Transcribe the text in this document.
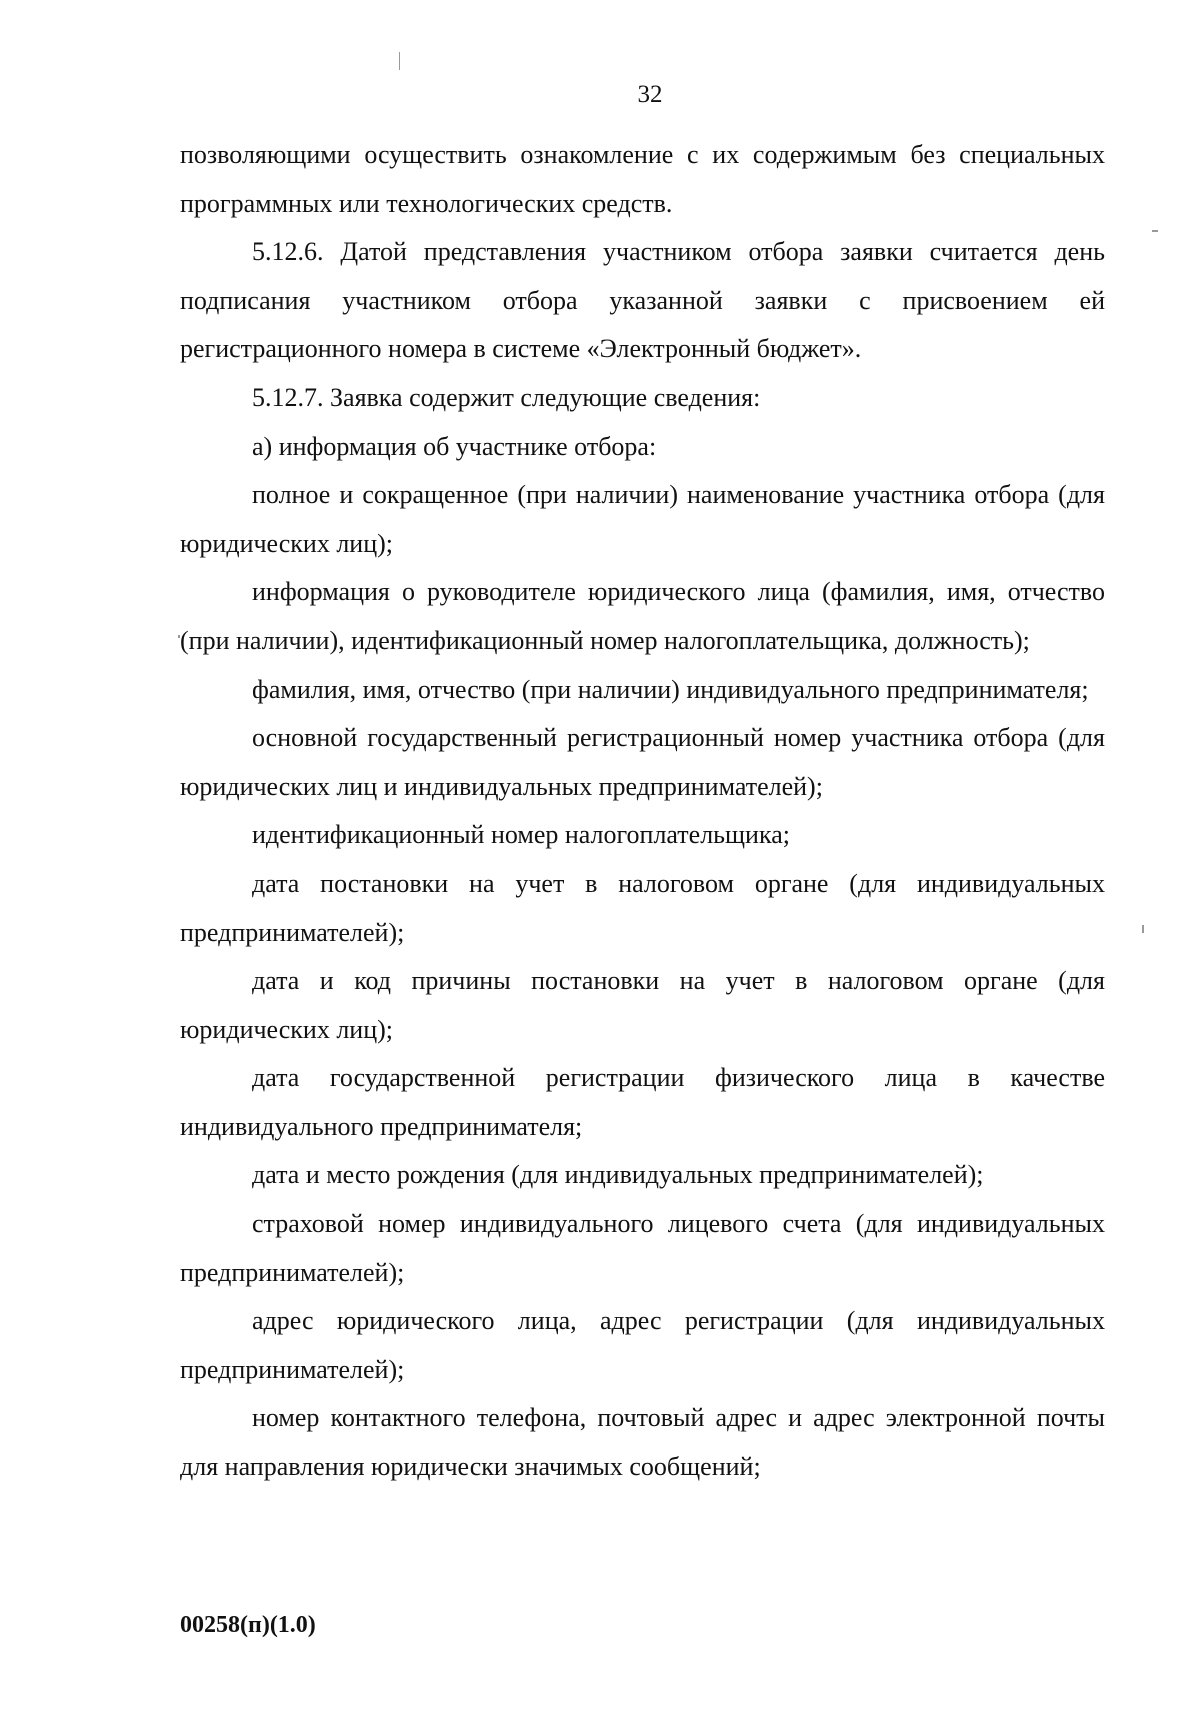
32

позволяющими осуществить ознакомление с их содержимым без специальных программных или технологических средств.

5.12.6. Датой представления участником отбора заявки считается день подписания участником отбора указанной заявки с присвоением ей регистрационного номера в системе «Электронный бюджет».

5.12.7. Заявка содержит следующие сведения:

а) информация об участнике отбора:

полное и сокращенное (при наличии) наименование участника отбора (для юридических лиц);

информация о руководителе юридического лица (фамилия, имя, отчество (при наличии), идентификационный номер налогоплательщика, должность);

фамилия, имя, отчество (при наличии) индивидуального предпринимателя;

основной государственный регистрационный номер участника отбора (для юридических лиц и индивидуальных предпринимателей);

идентификационный номер налогоплательщика;

дата постановки на учет в налоговом органе (для индивидуальных предпринимателей);

дата и код причины постановки на учет в налоговом органе (для юридических лиц);

дата государственной регистрации физического лица в качестве индивидуального предпринимателя;

дата и место рождения (для индивидуальных предпринимателей);

страховой номер индивидуального лицевого счета (для индивидуальных предпринимателей);

адрес юридического лица, адрес регистрации (для индивидуальных предпринимателей);

номер контактного телефона, почтовый адрес и адрес электронной почты для направления юридически значимых сообщений;

00258(п)(1.0)
